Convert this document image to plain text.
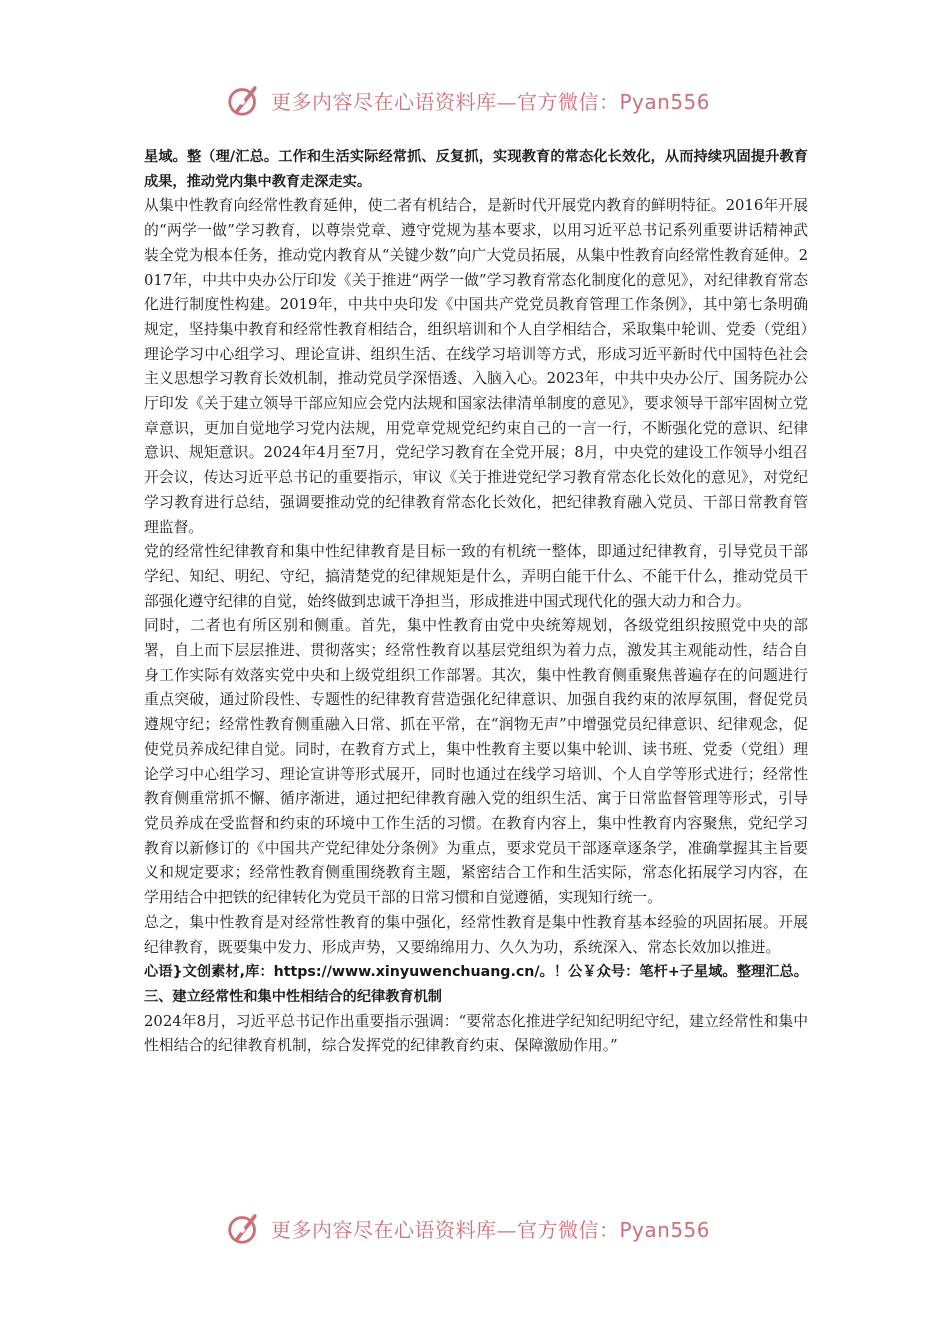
更多内容尽在心语资料库—官方微信：Pyan556

星域。整（理/汇总。工作和生活实际经常抓、反复抓，实现教育的常态化长效化，从而持续巩固提升教育成果，推动党内集中教育走深走实。

从集中性教育向经常性教育延伸，使二者有机结合，是新时代开展党内教育的鲜明特征。2016年开展的“两学一做”学习教育，以尊崇党章、遵守党规为基本要求，以用习近平总书记系列重要讲话精神武装全党为根本任务，推动党内教育从“关键少数”向广大党员拓展，从集中性教育向经常性教育延伸。2017年，中共中央办公厅印发《关于推进“两学一做”学习教育常态化制度化的意见》，对纪律教育常态化进行制度性构建。2019年，中共中央印发《中国共产党党员教育管理工作条例》，其中第七条明确规定，坚持集中教育和经常性教育相结合，组织培训和个人自学相结合，采取集中轮训、党委（党组）理论学习中心组学习、理论宣讲、组织生活、在线学习培训等方式，形成习近平新时代中国特色社会主义思想学习教育长效机制，推动党员学深悟透、入脑入心。2023年，中共中央办公厅、国务院办公厅印发《关于建立领导干部应知应会党内法规和国家法律清单制度的意见》，要求领导干部牢固树立党章意识，更加自觉地学习党内法规，用党章党规党纪约束自己的一言一行，不断强化党的意识、纪律意识、规矩意识。2024年4月至7月，党纪学习教育在全党开展；8月，中央党的建设工作领导小组召开会议，传达习近平总书记的重要指示，审议《关于推进党纪学习教育常态化长效化的意见》，对党纪学习教育进行总结，强调要推动党的纪律教育常态化长效化，把纪律教育融入党员、干部日常教育管理监督。

党的经常性纪律教育和集中性纪律教育是目标一致的有机统一整体，即通过纪律教育，引导党员干部学纪、知纪、明纪、守纪，搞清楚党的纪律规矩是什么，弄明白能干什么、不能干什么，推动党员干部强化遵守纪律的自觉，始终做到忠诚干净担当，形成推进中国式现代化的强大动力和合力。

同时，二者也有所区别和侧重。首先，集中性教育由党中央统筹规划，各级党组织按照党中央的部署，自上而下层层推进、贯彻落实；经常性教育以基层党组织为着力点，激发其主观能动性，结合自身工作实际有效落实党中央和上级党组织工作部署。其次，集中性教育侧重聚焦普遍存在的问题进行重点突破，通过阶段性、专题性的纪律教育营造强化纪律意识、加强自我约束的浓厚氛围，督促党员遵规守纪；经常性教育侧重融入日常、抓在平常，在“润物无声”中增强党员纪律意识、纪律观念，促使党员养成纪律自觉。同时，在教育方式上，集中性教育主要以集中轮训、读书班、党委（党组）理论学习中心组学习、理论宣讲等形式展开，同时也通过在线学习培训、个人自学等形式进行；经常性教育侧重常抓不懈、循序渐进，通过把纪律教育融入党的组织生活、寓于日常监督管理等形式，引导党员养成在受监督和约束的环境中工作生活的习惯。在教育内容上，集中性教育内容聚焦，党纪学习教育以新修订的《中国共产党纪律处分条例》为重点，要求党员干部逐章逐条学，准确掌握其主旨要义和规定要求；经常性教育侧重围绕教育主题，紧密结合工作和生活实际，常态化拓展学习内容，在学用结合中把铁的纪律转化为党员干部的日常习惯和自觉遵循，实现知行统一。

总之，集中性教育是对经常性教育的集中强化，经常性教育是集中性教育基本经验的巩固拓展。开展纪律教育，既要集中发力、形成声势，又要绵绵用力、久久为功，系统深入、常态长效加以推进。

心语}文创素材,库：https://www.xinyuwenchuang.cn/。！公￥众号：笔杆+子星域。整理汇总。三、建立经常性和集中性相结合的纪律教育机制

2024年8月，习近平总书记作出重要指示强调：“要常态化推进学纪知纪明纪守纪，建立经常性和集中性相结合的纪律教育机制，综合发挥党的纪律教育约束、保障激励作用。”

更多内容尽在心语资料库—官方微信：Pyan556
